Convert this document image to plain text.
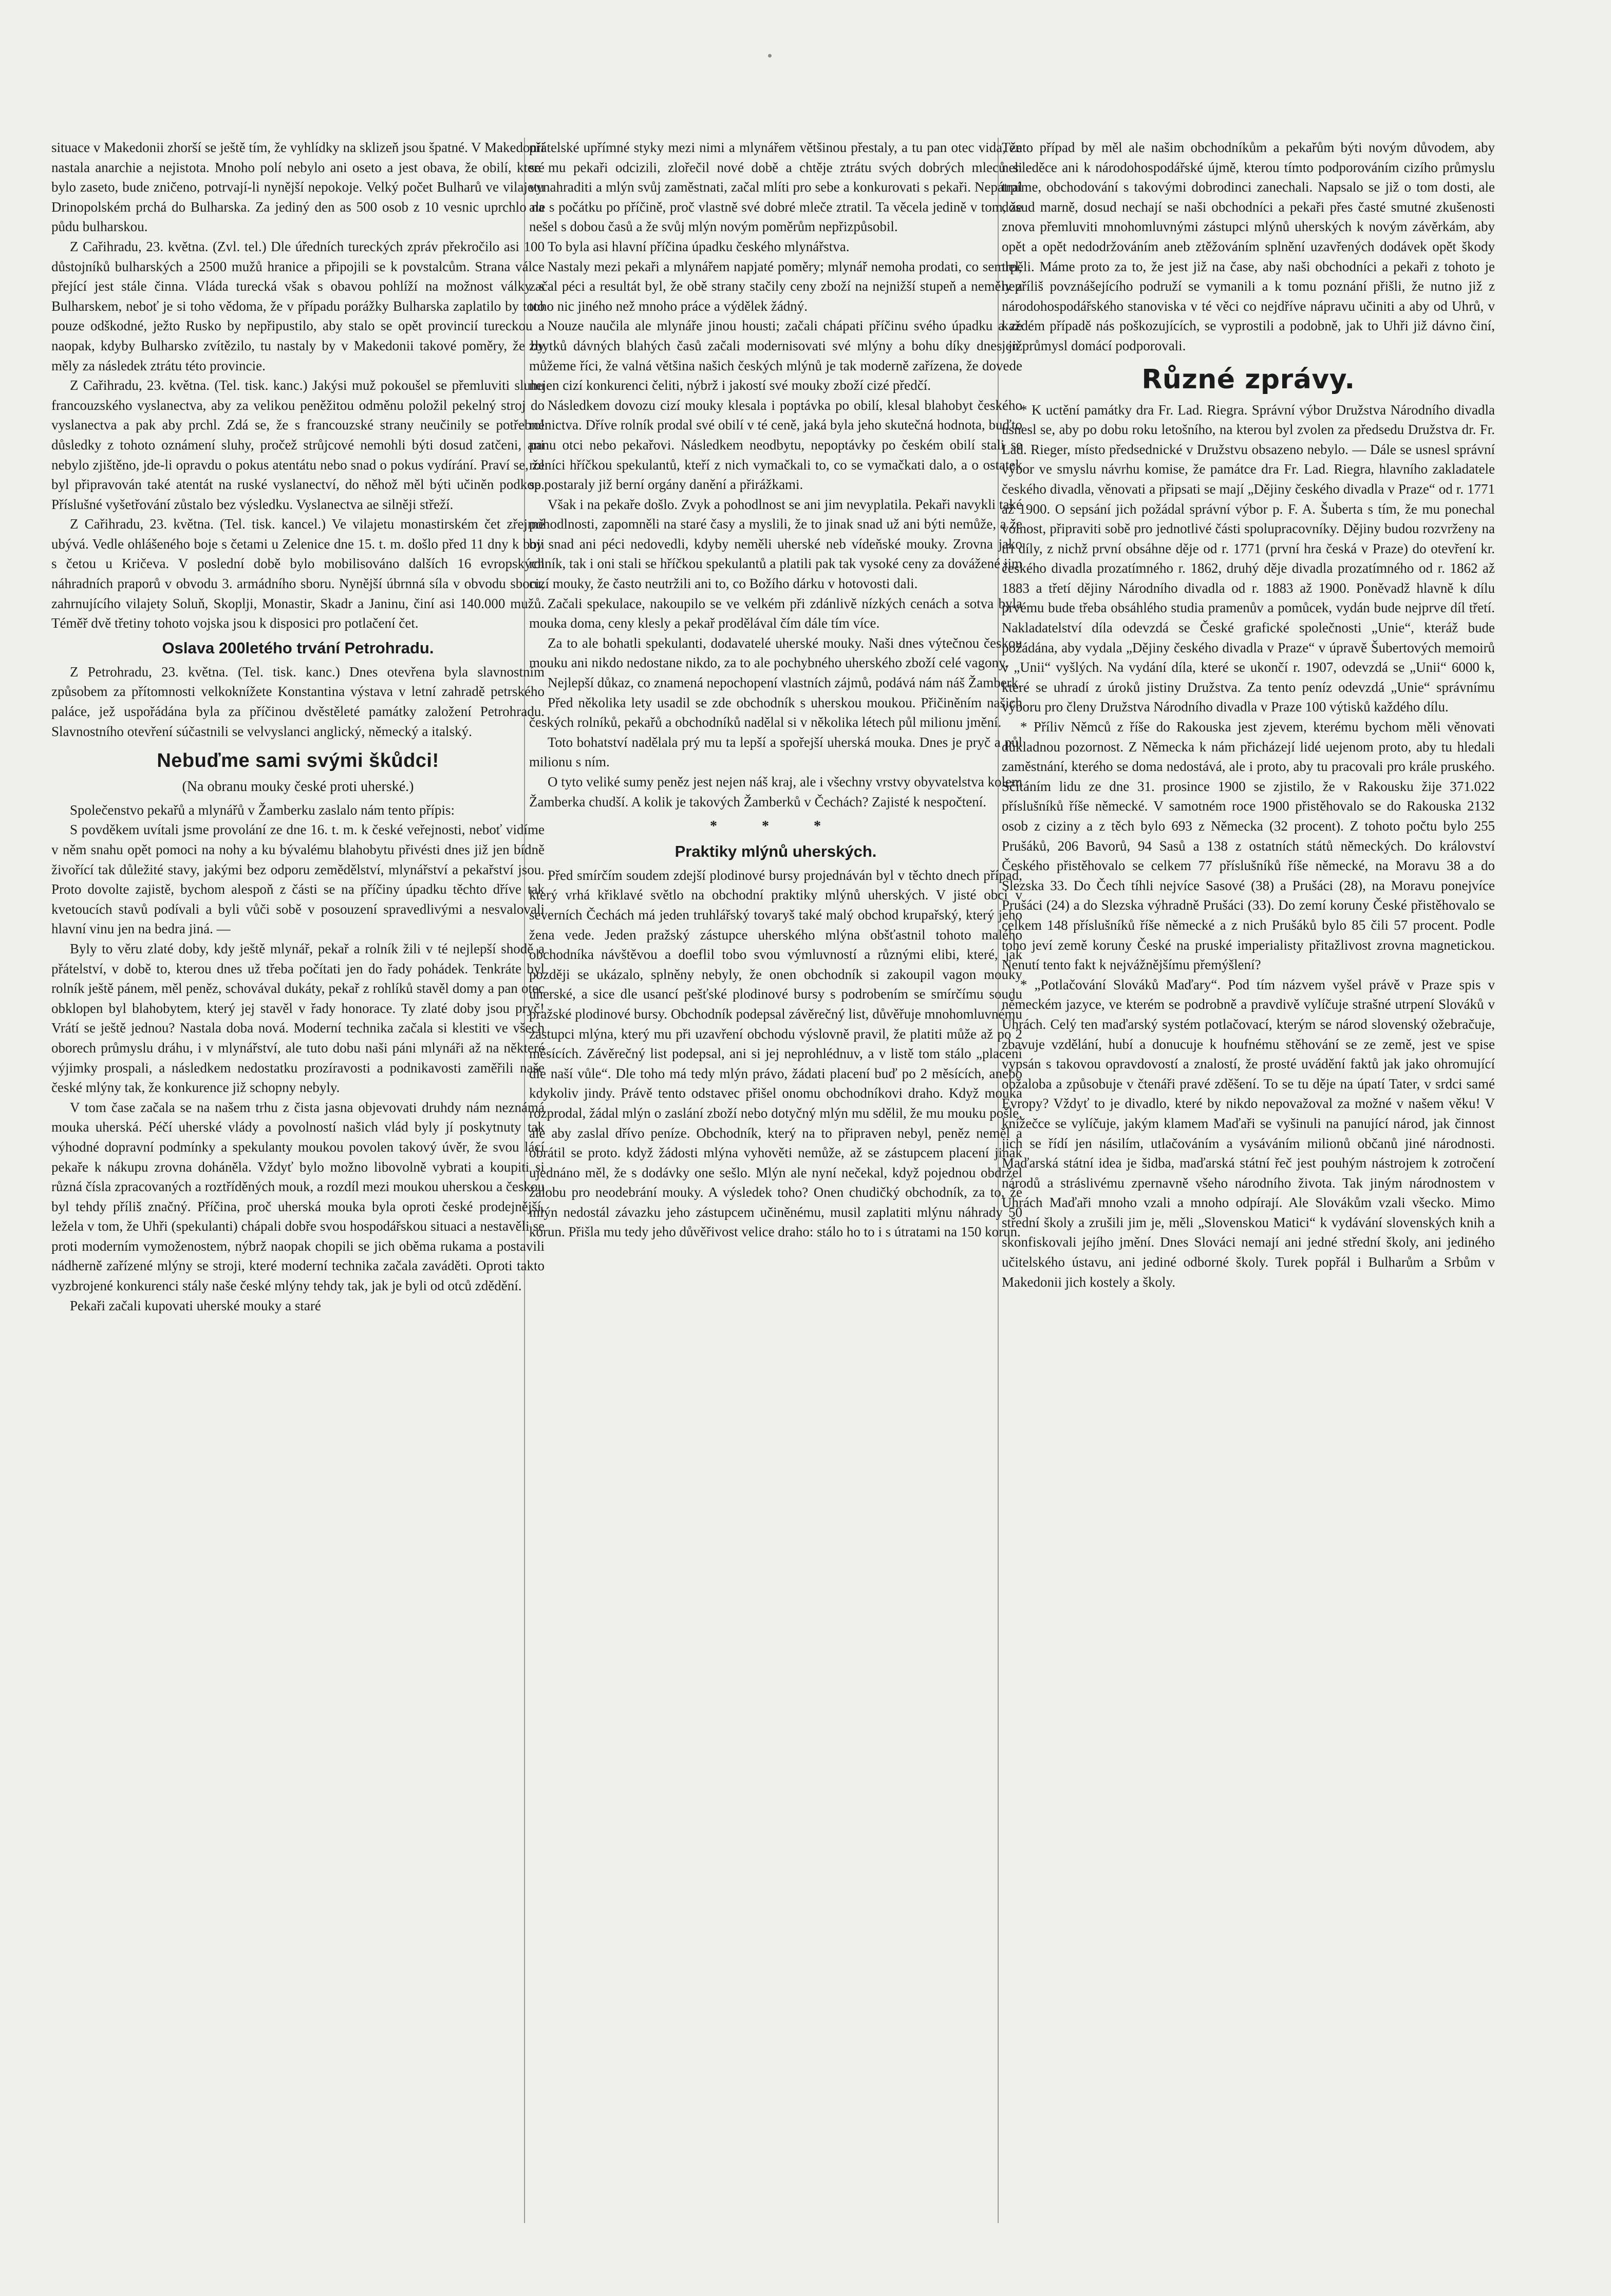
situace v Makedonii zhorší se ještě tím, že vyhlídky na sklizeň jsou špatné. V Makedonii nastala anarchie a nejistota. Mnoho polí nebylo ani oseto a jest obava, že obilí, které bylo zaseto, bude zničeno, potrvají-li nynější nepokoje. Velký počet Bulharů ve vilajetu Drinopolském prchá do Bulharska. Za jediný den as 500 osob z 10 vesnic uprchlo na půdu bulharskou.

Z Cařihradu, 23. května. (Zvl. tel.) Dle úředních tureckých zpráv překročilo asi 100 důstojníků bulharských a 2500 mužů hranice a připojili se k povstalcům. Strana válce přející jest stále činna. Vláda turecká však s obavou pohlíží na možnost války s Bulharskem, neboť je si toho vědoma, že v případu porážky Bulharska zaplatilo by toto pouze odškodné, ježto Rusko by nepřipustilo, aby stalo se opět provincií tureckou a naopak, kdyby Bulharsko zvítězilo, tu nastaly by v Makedonii takové poměry, že by měly za následek ztrátu této provincie.

Z Cařihradu, 23. května. (Tel. tisk. kanc.) Jakýsi muž pokoušel se přemluviti sluhu francouzského vyslanectva, aby za velikou peněžitou odměnu položil pekelný stroj do vyslanectva a pak aby prchl. Zdá se, že s francouzské strany neučinily se potřebné důsledky z tohoto oznámení sluhy, pročež strůjcové nemohli býti dosud zatčeni, ani nebylo zjištěno, jde-li opravdu o pokus atentátu nebo snad o pokus vydírání. Praví se, že byl připravován také atentát na ruské vyslanectví, do něhož měl býti učiněn podkop. Příslušné vyšetřování zůstalo bez výsledku. Vyslanectva ae silněji střeží.

Z Cařihradu, 23. května. (Tel. tisk. kancel.) Ve vilajetu monastirském čet zřejmě ubývá. Vedle ohlášeného boje s četami u Zelenice dne 15. t. m. došlo před 11 dny k boji s četou u Kričeva. V poslední době bylo mobilisováno dalších 16 evropských náhradních praporů v obvodu 3. armádního sboru. Nynější úbrnná síla v obvodu sboru, zahrnujícího vilajety Soluň, Skoplji, Monastir, Skadr a Janinu, činí asi 140.000 mužů. Téměř dvě třetiny tohoto vojska jsou k disposici pro potlačení čet.

Oslava 200letého trvání Petrohradu.

Z Petrohradu, 23. května. (Tel. tisk. kanc.) Dnes otevřena byla slavnostním způsobem za přítomnosti velkoknížete Konstantina výstava v letní zahradě petrského paláce, jež uspořádána byla za příčinou dvěstěleté památky založení Petrohradu. Slavnostního otevření súčastnili se velvyslanci anglický, německý a italský.

Nebuďme sami svými škůdci!

(Na obranu mouky české proti uherské.)

Společenstvo pekařů a mlynářů v Žamberku zaslalo nám tento přípis:

S povděkem uvítali jsme provolání ze dne 16. t. m. k české veřejnosti, neboť vidíme v něm snahu opět pomoci na nohy a ku bývalému blahobytu přivésti dnes již jen bídně živořící tak důležité stavy, jakými bez odporu zemědělství, mlynářství a pekařství jsou. Proto dovolte zajistě, bychom alespoň z části se na příčiny úpadku těchto dříve tak kvetoucích stavů podívali a byli vůči sobě v posouzení spravedlivými a nesvalovali hlavní vinu jen na bedra jiná. —

Byly to věru zlaté doby, kdy ještě mlynář, pekař a rolník žili v té nejlepší shodě a přátelství, v době to, kterou dnes už třeba počítati jen do řady pohádek. Tenkráte byl rolník ještě pánem, měl peněz, schovával dukáty, pekař z rohlíků stavěl domy a pan otec obklopen byl blahobytem, který jej stavěl v řady honorace. Ty zlaté doby jsou pryč! Vrátí se ještě jednou? Nastala doba nová. Moderní technika začala si klestiti ve všech oborech průmyslu dráhu, i v mlynářství, ale tuto dobu naši páni mlynáři až na některé výjimky prospali, a následkem nedostatku prozíravosti a podnikavosti zaměřili naše české mlýny tak, že konkurence již schopny nebyly.

V tom čase začala se na našem trhu z čista jasna objevovati druhdy nám neznámá mouka uherská. Péčí uherské vlády a povolností našich vlád byly jí poskytnuty tak výhodné dopravní podmínky a spekulanty moukou povolen takový úvěr, že svou lácí pekaře k nákupu zrovna doháněla. Vždyť bylo možno libovolně vybrati a koupiti si různá čísla zpracovaných a roztříděných mouk, a rozdíl mezi moukou uherskou a českou byl tehdy příliš značný. Příčina, proč uherská mouka byla oproti české prodejnější, ležela v tom, že Uhři (spekulanti) chápali dobře svou hospodářskou situaci a nestavěli se proti moderním vymoženostem, nýbrž naopak chopili se jich oběma rukama a postavili nádherně zařízené mlýny se stroji, které moderní technika začala zaváděti. Oproti takto vyzbrojené konkurenci stály naše české mlýny tehdy tak, jak je byli od otců zdědění.

Pekaři začali kupovati uherské mouky a staré

přátelské upřímné styky mezi nimi a mlynářem většinou přestaly, a tu pan otec vida, že se mu pekaři odcizili, zlořečil nové době a chtěje ztrátu svých dobrých mleců si vynahraditi a mlýn svůj zaměstnati, začal mlíti pro sebe a konkurovati s pekaři. Nepátral ale s počátku po příčině, proč vlastně své dobré mleče ztratil. Ta věcela jedině v tom, že nešel s dobou časů a že svůj mlýn novým poměrům nepřizpůsobil.

To byla asi hlavní příčina úpadku českého mlynářstva.

Nastaly mezi pekaři a mlynářem napjaté poměry; mlynář nemoha prodati, co semlel, začal péci a resultát byl, že obě strany stačily ceny zboží na nejnižší stupeň a neměly z toho nic jiného než mnoho práce a výdělek žádný.

Nouze naučila ale mlynáře jinou housti; začali chápati příčinu svého úpadku a ze zbytků dávných blahých časů začali modernisovati své mlýny a bohu díky dnes již můžeme říci, že valná většina našich českých mlýnů je tak moderně zařízena, že dovede nejen cizí konkurenci čeliti, nýbrž i jakostí své mouky zboží cizé předčí.

Následkem dovozu cizí mouky klesala i poptávka po obilí, klesal blahobyt českého rolnictva. Dříve rolník prodal své obilí v té ceně, jaká byla jeho skutečná hodnota, buďto panu otci nebo pekařovi. Následkem neodbytu, nepoptávky po českém obilí stali se rolníci hříčkou spekulantů, kteří z nich vymačkali to, co se vymačkati dalo, a o ostatek se postaraly již berní orgány danění a přirážkami.

Však i na pekaře došlo. Zvyk a pohodlnost se ani jim nevyplatila. Pekaři navykli také pohodlnosti, zapomněli na staré časy a myslili, že to jinak snad už ani býti nemůže, a že by snad ani péci nedovedli, kdyby neměli uherské neb vídeňské mouky. Zrovna jako rolník, tak i oni stali se hříčkou spekulantů a platili pak tak vysoké ceny za dovážené jim cizí mouky, že často neutržili ani to, co Božího dárku v hotovosti dali.

Začali spekulace, nakoupilo se ve velkém při zdánlivě nízkých cenách a sotva byla mouka doma, ceny klesly a pekař prodělával čím dále tím více.

Za to ale bohatli spekulanti, dodavatelé uherské mouky. Naši dnes výtečnou českou mouku ani nikdo nedostane nikdo, za to ale pochybného uherského zboží celé vagony.

Nejlepší důkaz, co znamená nepochopení vlastních zájmů, podává nám náš Žamberk.

Před několika lety usadil se zde obchodník s uherskou moukou. Přičiněním našich českých rolníků, pekařů a obchodníků nadělal si v několika létech půl milionu jmění.

Toto bohatství nadělala prý mu ta lepší a spořejší uherská mouka. Dnes je pryč a půl milionu s ním.

O tyto veliké sumy peněz jest nejen náš kraj, ale i všechny vrstvy obyvatelstva kolem Žamberka chudší. A kolik je takových Žamberků v Čechách? Zajisté k nespočtení.

* * *

Praktiky mlýnů uherských.

Před smírčím soudem zdejší plodinové bursy projednáván byl v těchto dnech případ, který vrhá křiklavé světlo na obchodní praktiky mlýnů uherských. V jisté obci v severních Čechách má jeden truhlářský tovaryš také malý obchod krupařský, který jeho žena vede. Jeden pražský zástupce uherského mlýna obšťastnil tohoto malého obchodníka návštěvou a doeflil tobo svou výmluvností a různými elibi, které, jak později se ukázalo, splněny nebyly, že onen obchodník si zakoupil vagon mouky uherské, a sice dle usancí pešťské plodinové bursy s podrobením se smírčímu soudu pražské plodinové bursy. Obchodník podepsal závěrečný list, důvěřuje mnohomluvnému zástupci mlýna, který mu při uzavření obchodu výslovně pravil, že platiti může až po 2 měsících. Závěrečný list podepsal, ani si jej neprohlédnuv, a v listě tom stálo „placení dle naší vůle“. Dle toho má tedy mlýn právo, žádati placení buď po 2 měsících, anebo kdykoliv jindy. Právě tento odstavec přišel onomu obchodníkovi draho. Když mouka rozprodal, žádal mlýn o zaslání zboží nebo dotyčný mlýn mu sdělil, že mu mouku pošle, ale aby zaslal dřívo peníze. Obchodník, který na to připraven nebyl, peněz neměl a obrátil se proto. když žádosti mlýna vyhověti nemůže, až se zástupcem placení jinak ujednáno měl, že s dodávky one sešlo. Mlýn ale nyní nečekal, když pojednou obdržel žalobu pro neodebrání mouky. A výsledek toho? Onen chudičký obchodník, za to, že mlýn nedostál závazku jeho zástupcem učiněnému, musil zaplatiti mlýnu náhrady 50 korun. Přišla mu tedy jeho důvěřivost velice draho: stálo ho to i s útratami na 150 korun.

Tento případ by měl ale našim obchodníkům a pekařům býti novým důvodem, aby nehleděce ani k národohospodářské újmě, kterou tímto podporováním cizího průmyslu trpíme, obchodování s takovými dobrodinci zanechali. Napsalo se již o tom dosti, ale dosud marně, dosud nechají se naši obchodníci a pekaři přes časté smutné zkušenosti znova přemluviti mnohomluvnými zástupci mlýnů uherských k novým závěrkám, aby opět a opět nedodržováním aneb ztěžováním splnění uzavřených dodávek opět škody trpěli. Máme proto za to, že jest již na čase, aby naši obchodníci a pekaři z tohoto je nepříliš povznášejícího podruží se vymanili a k tomu poznání přišli, že nutno již z národohospodářského stanoviska v té věci co nejdříve nápravu učiniti a aby od Uhrů, v každém případě nás poškozujících, se vyprostili a podobně, jak to Uhři již dávno činí, jen průmysl domácí podporovali.

Různé zprávy.

* K uctění památky dra Fr. Lad. Riegra. Správní výbor Družstva Národního divadla usnesl se, aby po dobu roku letošního, na kterou byl zvolen za předsedu Družstva dr. Fr. Lad. Rieger, místo předsednické v Družstvu obsazeno nebylo. — Dále se usnesl správní výbor ve smyslu návrhu komise, že památce dra Fr. Lad. Riegra, hlavního zakladatele českého divadla, věnovati a připsati se mají „Dějiny českého divadla v Praze“ od r. 1771 až 1900. O sepsání jich požádal správní výbor p. F. A. Šuberta s tím, že mu ponechal volnost, připraviti sobě pro jednotlivé části spolupracovníky. Dějiny budou rozvrženy na tři díly, z nichž první obsáhne děje od r. 1771 (první hra česká v Praze) do otevření kr. českého divadla prozatímného r. 1862, druhý děje divadla prozatímného od r. 1862 až 1883 a třetí dějiny Národního divadla od r. 1883 až 1900. Poněvadž hlavně k dílu prvému bude třeba obsáhlého studia pramenův a pomůcek, vydán bude nejprve díl třetí. Nakladatelství díla odevzdá se České grafické společnosti „Unie“, kteráž bude požádána, aby vydala „Dějiny českého divadla v Praze“ v úpravě Šubertových memoirů v „Unii“ vyšlých. Na vydání díla, které se ukončí r. 1907, odevzdá se „Unii“ 6000 k, které se uhradí z úroků jistiny Družstva. Za tento peníz odevzdá „Unie“ správnímu výboru pro členy Družstva Národního divadla v Praze 100 výtisků každého dílu.

* Příliv Němců z říše do Rakouska jest zjevem, kterému bychom měli věnovati důkladnou pozornost. Z Německa k nám přicházejí lidé uejenom proto, aby tu hledali zaměstnání, kterého se doma nedostává, ale i proto, aby tu pracovali pro krále pruského. Sčítáním lidu ze dne 31. prosince 1900 se zjistilo, že v Rakousku žije 371.022 příslušníků říše německé. V samotném roce 1900 přistěhovalo se do Rakouska 2132 osob z ciziny a z těch bylo 693 z Německa (32 procent). Z tohoto počtu bylo 255 Prušáků, 206 Bavorů, 94 Sasů a 138 z ostatních států německých. Do království Českého přistěhovalo se celkem 77 příslušníků říše německé, na Moravu 38 a do Slezska 33. Do Čech tíhli nejvíce Sasové (38) a Prušáci (28), na Moravu ponejvíce Prušáci (24) a do Slezska výhradně Prušáci (33). Do zemí koruny České přistěhovalo se celkem 148 příslušníků říše německé a z nich Prušáků bylo 85 čili 57 procent. Podle toho jeví země koruny České na pruské imperialisty přitažlivost zrovna magnetickou. Nenutí tento fakt k nejvážnějšímu přemýšlení?

* „Potlačování Slováků Maďary“. Pod tím názvem vyšel právě v Praze spis v německém jazyce, ve kterém se podrobně a pravdivě vylíčuje strašné utrpení Slováků v Uhrách. Celý ten maďarský systém potlačovací, kterým se národ slovenský ožebračuje, zbavuje vzdělání, hubí a donucuje k houfnému stěhování se ze země, jest ve spise vypsán s takovou opravdovostí a znalostí, že prosté uvádění faktů jak jako ohromující obžaloba a způsobuje v čtenáři pravé zděšení. To se tu děje na úpatí Tater, v srdci samé Evropy? Vždyť to je divadlo, které by nikdo nepovažoval za možné v našem věku! V knížečce se vylíčuje, jakým klamem Maďaři se vyšinuli na panující národ, jak činnost jich se řídí jen násilím, utlačováním a vysáváním milionů občanů jiné národnosti. Maďarská státní idea je šidba, maďarská státní řeč jest pouhým nástrojem k zotročení národů a stráslivému zpernavně všeho národního života. Tak jiným národnostem v Uhrách Maďaři mnoho vzali a mnoho odpírají. Ale Slovákům vzali všecko. Mimo střední školy a zrušili jim je, měli „Slovenskou Matici“ k vydávání slovenských knih a skonfiskovali jejího jmění. Dnes Slováci nemají ani jedné střední školy, ani jediného učitelského ústavu, ani jediné odborné školy. Turek popřál i Bulharům a Srbům v Makedonii jich kostely a školy.
